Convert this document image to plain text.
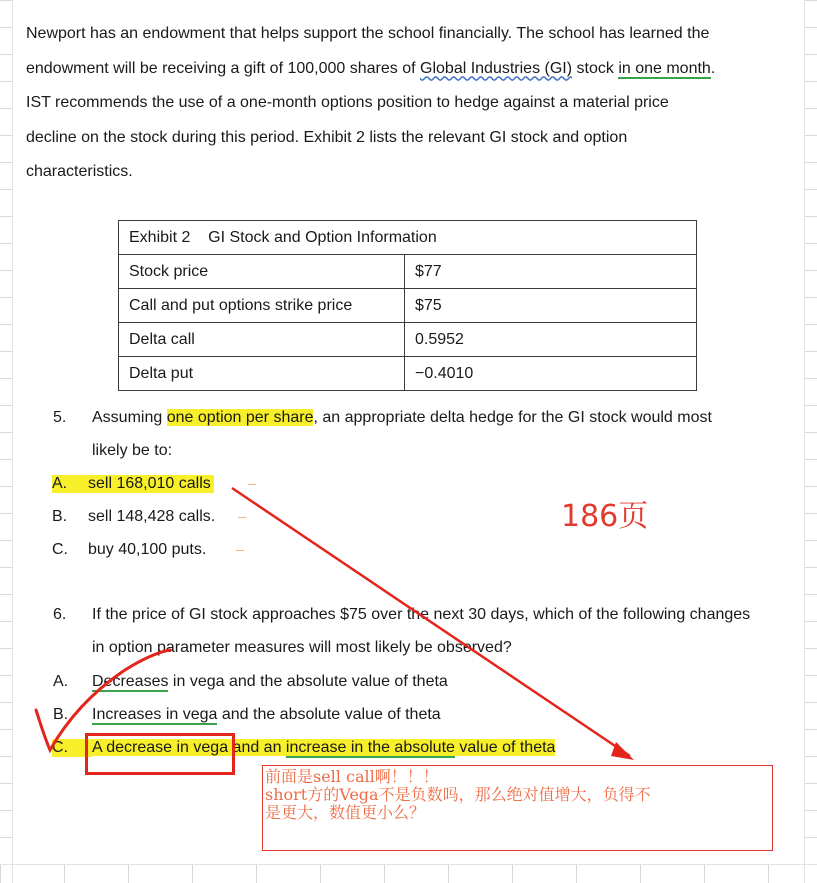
Newport has an endowment that helps support the school financially. The school has learned the

endowment will be receiving a gift of 100,000 shares of Global Industries (GI) stock in one month.

IST recommends the use of a one-month options position to hedge against a material price

decline on the stock during this period. Exhibit 2 lists the relevant GI stock and option

characteristics.

Exhibit 2    GI Stock and Option Information	
Stock price	$77
Call and put options strike price	$75
Delta call	0.5952
Delta put	−0.4010
5. Assuming one option per share, an appropriate delta hedge for the GI stock would most
likely be to:
A. sell 168,010 calls
B. sell 148,428 calls.
C. buy 40,100 puts.
186页
6. If the price of GI stock approaches $75 over the next 30 days, which of the following changes
in option parameter measures will most likely be observed?
A. Decreases in vega and the absolute value of theta
B. Increases in vega and the absolute value of theta
C. A decrease in vega and an increase in the absolute value of theta
前面是sell call啊！！！
short方的Vega不是负数吗，那么绝对值增大，负得不
是更大，数值更小么？
